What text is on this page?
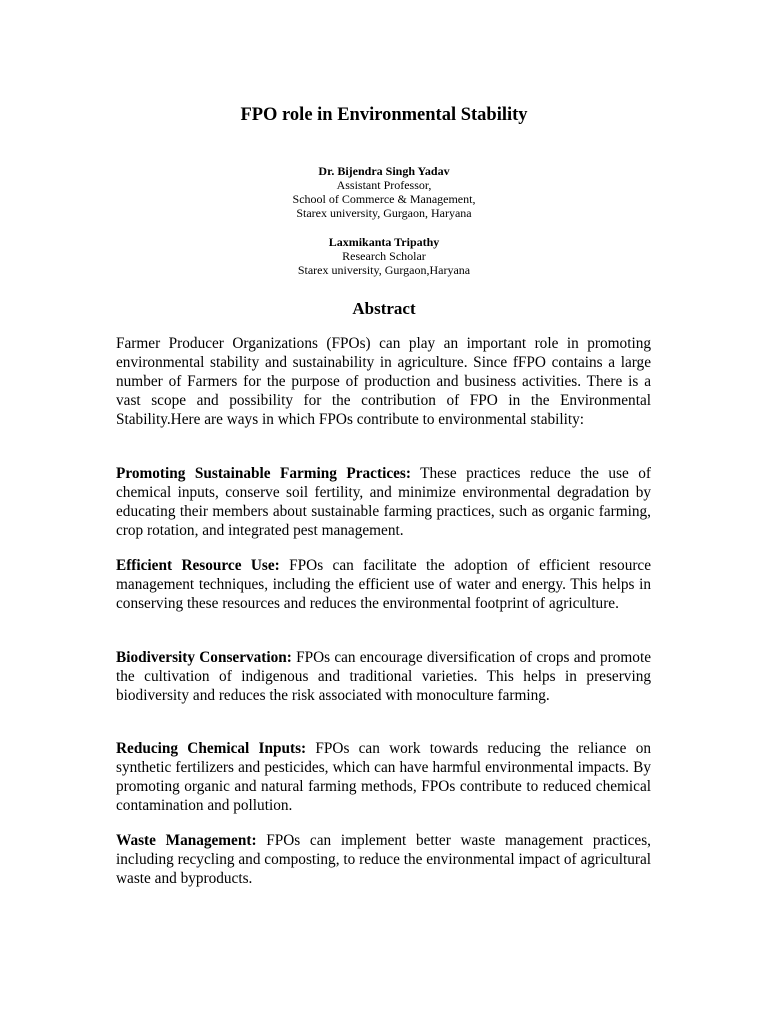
FPO role in Environmental Stability
Dr. Bijendra Singh Yadav
Assistant Professor,
School of Commerce & Management,
Starex university, Gurgaon, Haryana
Laxmikanta Tripathy
Research Scholar
Starex university, Gurgaon,Haryana
Abstract
Farmer Producer Organizations (FPOs) can play an important role in promoting environmental stability and sustainability in agriculture. Since fFPO contains a large number of Farmers for the purpose of production and business activities. There is a vast scope and possibility for the contribution of FPO in the Environmental Stability.Here are ways in which FPOs contribute to environmental stability:
Promoting Sustainable Farming Practices: These practices reduce the use of chemical inputs, conserve soil fertility, and minimize environmental degradation by educating their members about sustainable farming practices, such as organic farming, crop rotation, and integrated pest management.
Efficient Resource Use: FPOs can facilitate the adoption of efficient resource management techniques, including the efficient use of water and energy. This helps in conserving these resources and reduces the environmental footprint of agriculture.
Biodiversity Conservation: FPOs can encourage diversification of crops and promote the cultivation of indigenous and traditional varieties. This helps in preserving biodiversity and reduces the risk associated with monoculture farming.
Reducing Chemical Inputs: FPOs can work towards reducing the reliance on synthetic fertilizers and pesticides, which can have harmful environmental impacts. By promoting organic and natural farming methods, FPOs contribute to reduced chemical contamination and pollution.
Waste Management: FPOs can implement better waste management practices, including recycling and composting, to reduce the environmental impact of agricultural waste and byproducts.
